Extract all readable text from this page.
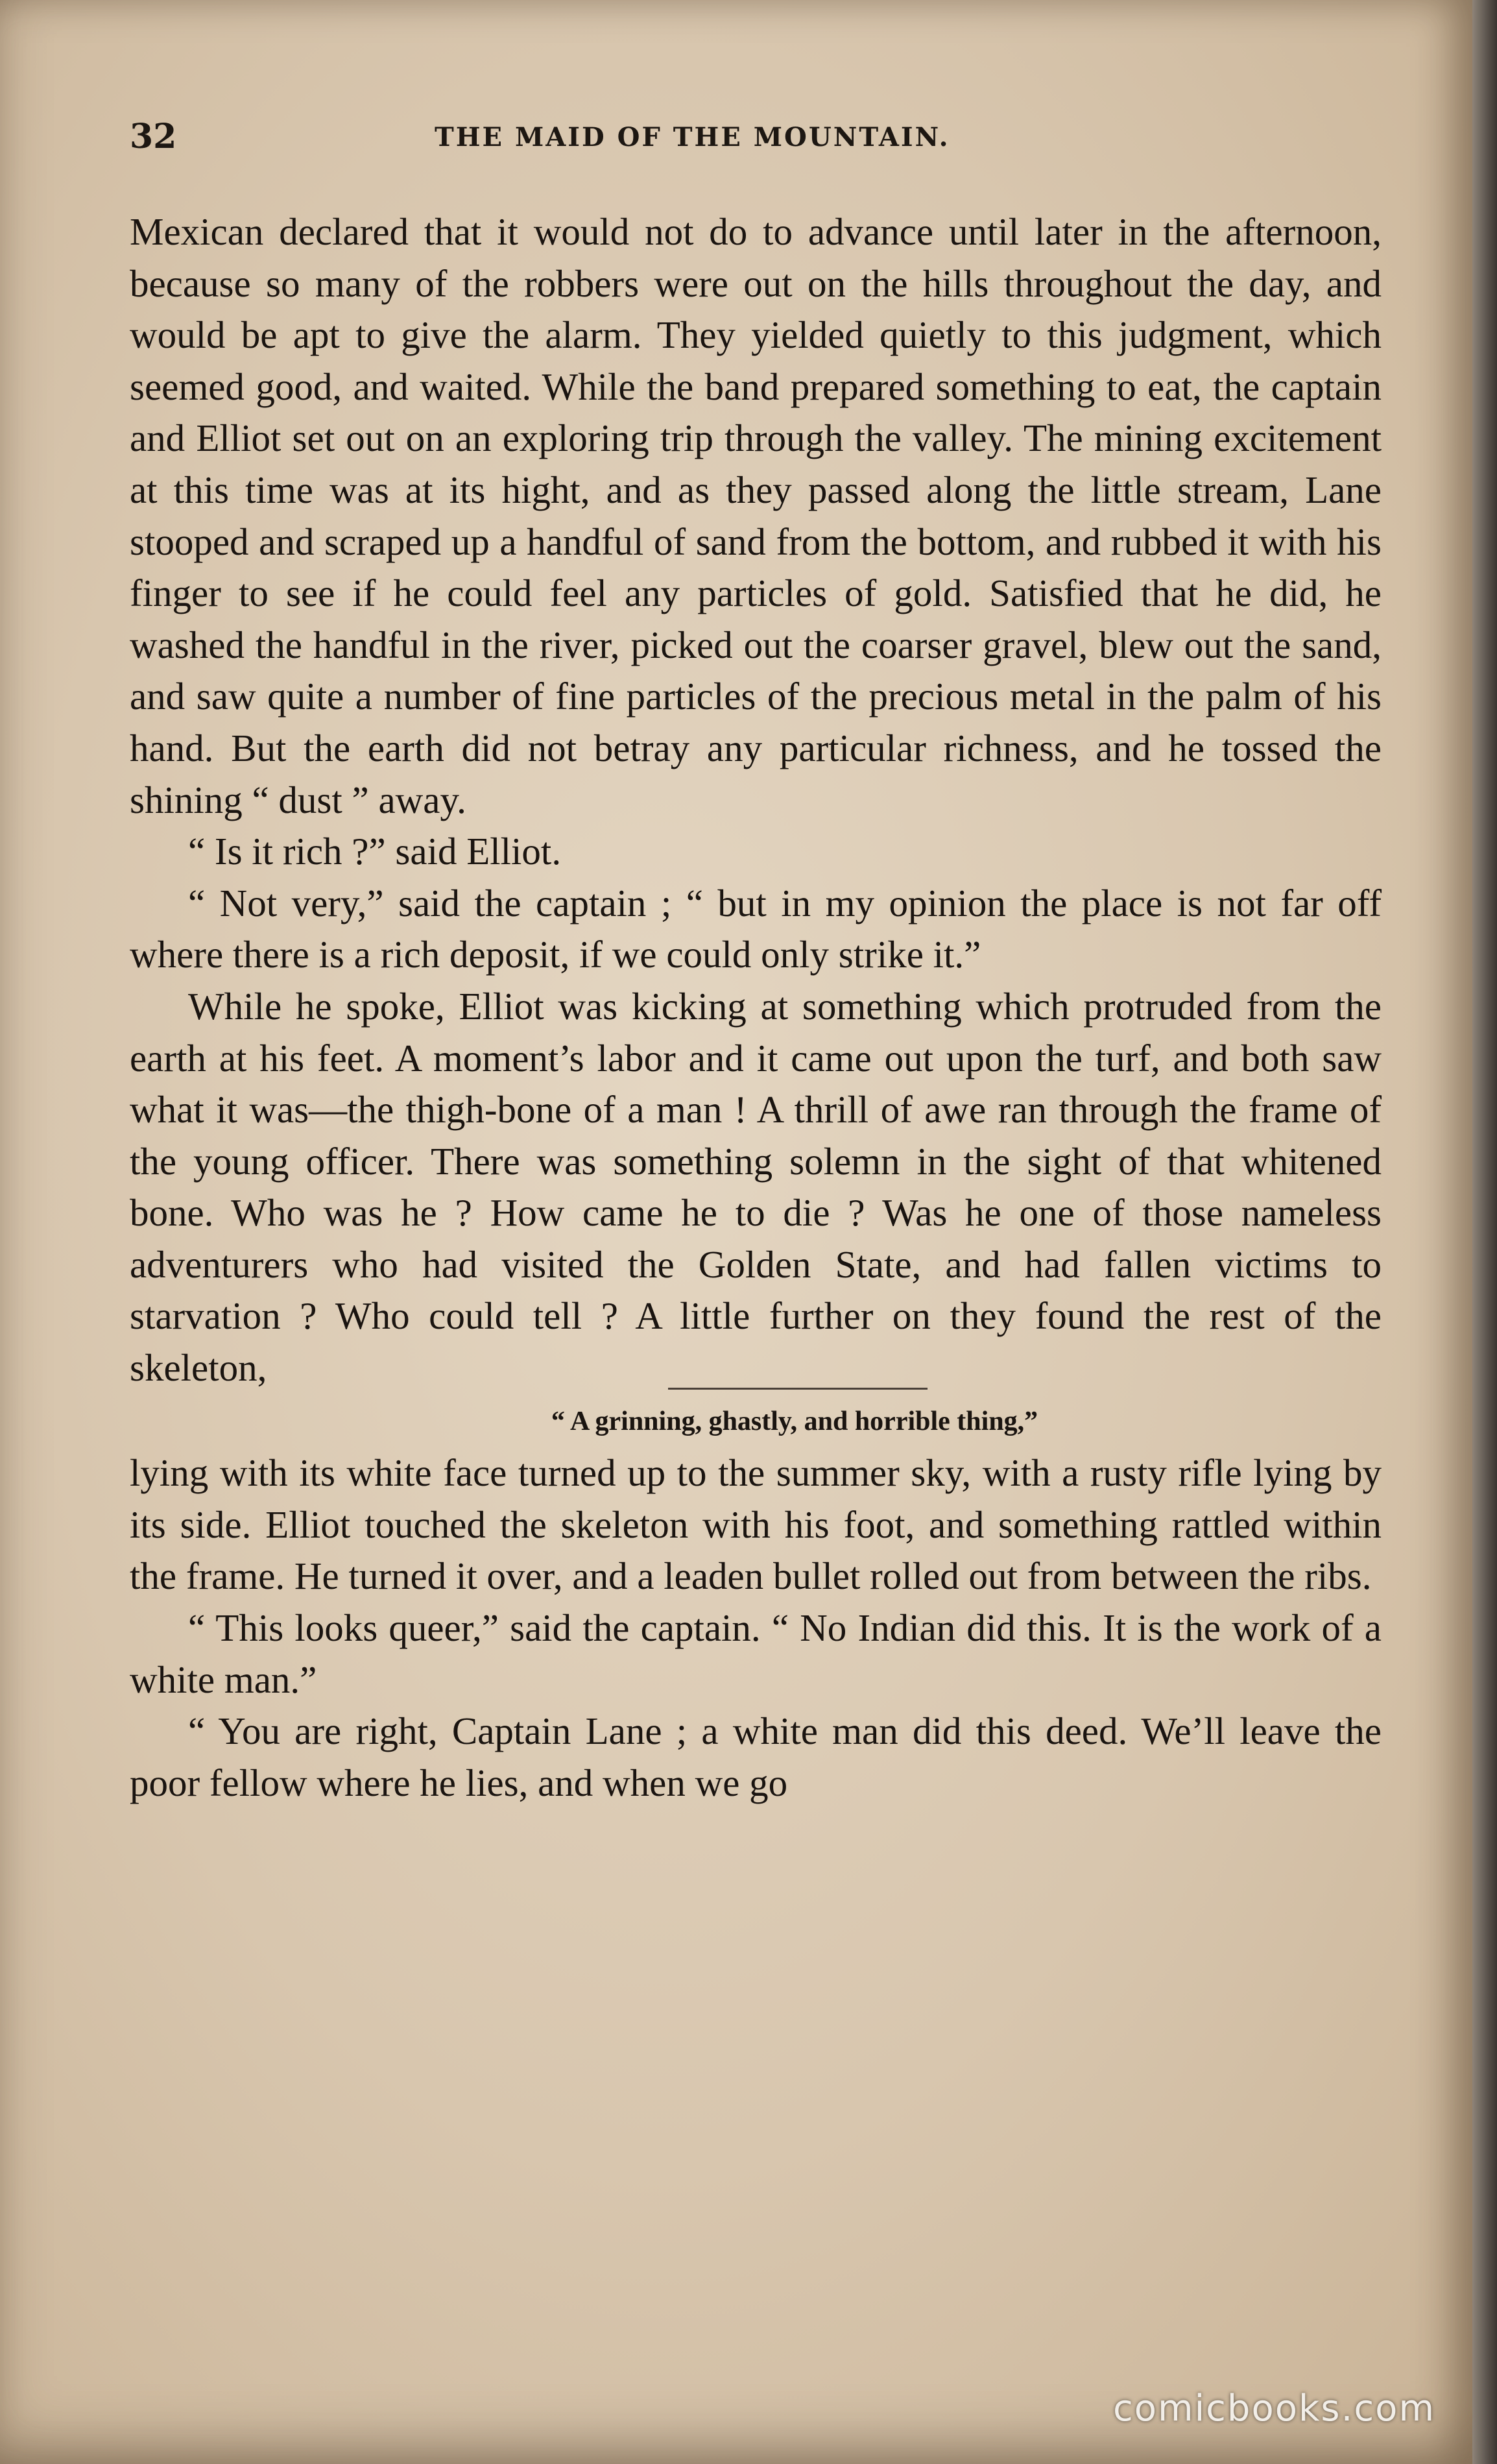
32	THE MAID OF THE MOUNTAIN.

Mexican declared that it would not do to advance until later in the afternoon, because so many of the robbers were out on the hills throughout the day, and would be apt to give the alarm. They yielded quietly to this judgment, which seemed good, and waited. While the band prepared something to eat, the captain and Elliot set out on an exploring trip through the valley. The mining excitement at this time was at its hight, and as they passed along the little stream, Lane stooped and scraped up a handful of sand from the bottom, and rubbed it with his finger to see if he could feel any particles of gold. Satisfied that he did, he washed the handful in the river, picked out the coarser gravel, blew out the sand, and saw quite a number of fine particles of the precious metal in the palm of his hand. But the earth did not betray any particular richness, and he tossed the shining “ dust ” away.

“ Is it rich ?” said Elliot.

“ Not very,” said the captain ; “ but in my opinion the place is not far off where there is a rich deposit, if we could only strike it.”

While he spoke, Elliot was kicking at something which protruded from the earth at his feet. A moment’s labor and it came out upon the turf, and both saw what it was—the thigh-bone of a man ! A thrill of awe ran through the frame of the young officer. There was something solemn in the sight of that whitened bone. Who was he ? How came he to die ? Was he one of those nameless adventurers who had visited the Golden State, and had fallen victims to starvation ? Who could tell ? A little further on they found the rest of the skeleton,

“ A grinning, ghastly, and horrible thing,”

lying with its white face turned up to the summer sky, with a rusty rifle lying by its side. Elliot touched the skeleton with his foot, and something rattled within the frame. He turned it over, and a leaden bullet rolled out from between the ribs.

“ This looks queer,” said the captain. “ No Indian did this. It is the work of a white man.”

“ You are right, Captain Lane ; a white man did this deed. We’ll leave the poor fellow where he lies, and when we go

comicbooks.com
